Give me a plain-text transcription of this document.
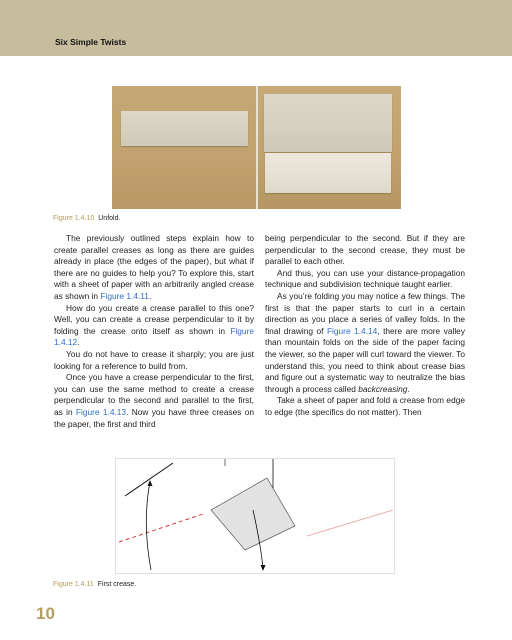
Six Simple Twists
Figure 1.4.10 Unfold.

The previously outlined steps explain how to create parallel creases as long as there are guides already in place (the edges of the paper), but what if there are no guides to help you? To explore this, start with a sheet of paper with an arbitrarily angled crease as shown in Figure 1.4.11.

How do you create a crease parallel to this one? Well, you can create a crease perpendicular to it by folding the crease onto itself as shown in Figure 1.4.12.

You do not have to crease it sharply; you are just looking for a reference to build from.

Once you have a crease perpendicular to the first, you can use the same method to create a crease perpendicular to the second and parallel to the first, as in Figure 1.4.13. Now you have three creases on the paper, the first and third

being perpendicular to the second. But if they are perpendicular to the second crease, they must be parallel to each other.

And thus, you can use your distance-propagation technique and subdivision technique taught earlier.

As you’re folding you may notice a few things. The first is that the paper starts to curl in a certain direction as you place a series of valley folds. In the final drawing of Figure 1.4.14, there are more valley than mountain folds on the side of the paper facing the viewer, so the paper will curl toward the viewer. To understand this, you need to think about crease bias and figure out a systematic way to neutralize the bias through a process called backcreasing.

Take a sheet of paper and fold a crease from edge to edge (the specifics do not matter). Then

Figure 1.4.11 First crease.
10
